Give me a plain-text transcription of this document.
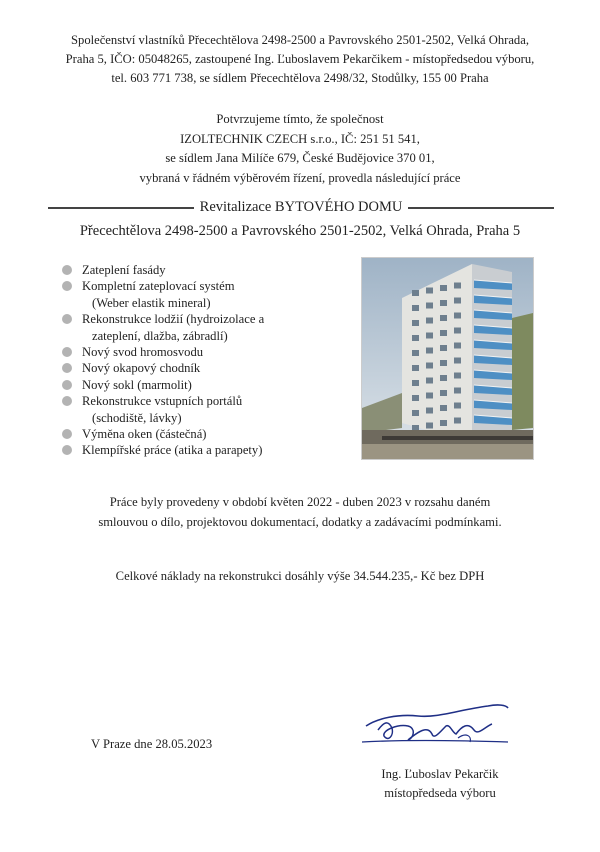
Společenství vlastníků Přecechtělova 2498-2500 a Pavrovského 2501-2502, Velká Ohrada,
Praha 5, IČO: 05048265, zastoupené Ing. Ľuboslavem Pekarčikem - místopředsedou výboru,
tel. 603 771 738, se sídlem Přecechtělova 2498/32, Stodůlky, 155 00 Praha
Potvrzujeme tímto, že společnost
IZOLTECHNIK CZECH s.r.o., IČ: 251 51 541,
se sídlem Jana Milíče 679, České Budějovice 370 01,
vybraná v řádném výběrovém řízení, provedla následující práce
Revitalizace BYTOVÉHO DOMU
Přecechtělova 2498-2500 a Pavrovského 2501-2502, Velká Ohrada, Praha 5
Zateplení fasády
Kompletní zateplovací systém
(Weber elastik mineral)
Rekonstrukce lodžií (hydroizolace a
zateplení, dlažba, zábradlí)
Nový svod hromosvodu
Nový okapový chodník
Nový sokl (marmolit)
Rekonstrukce vstupních portálů
(schodiště, lávky)
Výměna oken (částečná)
Klempířské práce (atika a parapety)
Práce byly provedeny v období květen 2022 - duben 2023 v rozsahu daném
smlouvou o dílo, projektovou dokumentací, dodatky a zadávacími podmínkami.
Celkové náklady na rekonstrukci dosáhly výše 34.544.235,- Kč bez DPH
V Praze dne 28.05.2023
Ing. Ľuboslav Pekarčik
místopředseda výboru
